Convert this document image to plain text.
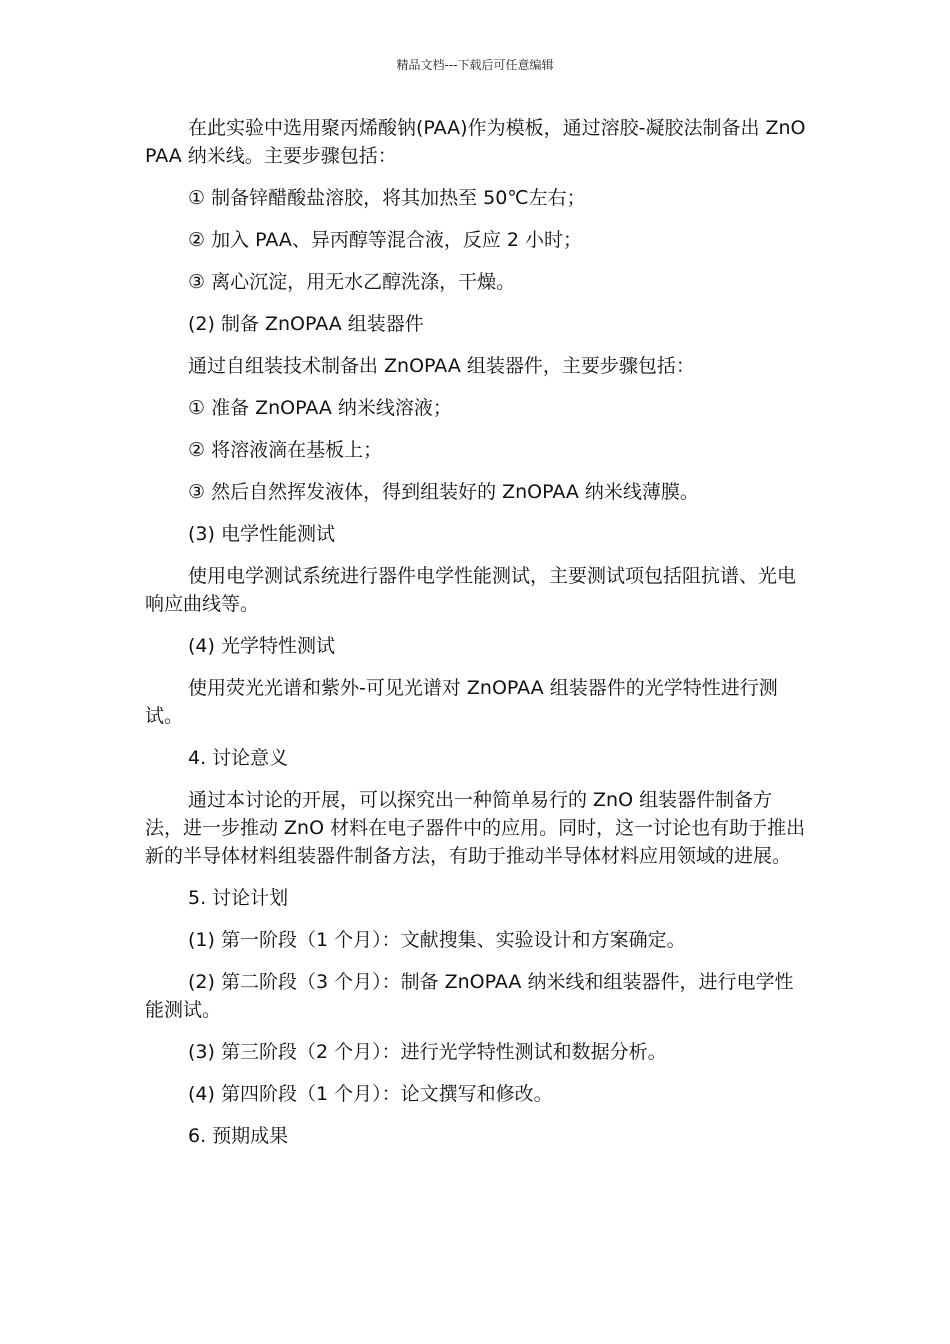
精品文档---下载后可任意编辑

在此实验中选用聚丙烯酸钠(PAA)作为模板，通过溶胶-凝胶法制备出 ZnOPAA 纳米线。主要步骤包括：

① 制备锌醋酸盐溶胶，将其加热至 50℃左右；

② 加入 PAA、异丙醇等混合液，反应 2 小时；

③ 离心沉淀，用无水乙醇洗涤，干燥。

(2) 制备 ZnOPAA 组装器件

通过自组装技术制备出 ZnOPAA 组装器件，主要步骤包括：

① 准备 ZnOPAA 纳米线溶液；

② 将溶液滴在基板上；

③ 然后自然挥发液体，得到组装好的 ZnOPAA 纳米线薄膜。

(3) 电学性能测试

使用电学测试系统进行器件电学性能测试，主要测试项包括阻抗谱、光电响应曲线等。

(4) 光学特性测试

使用荧光光谱和紫外-可见光谱对 ZnOPAA 组装器件的光学特性进行测试。

4. 讨论意义

通过本讨论的开展，可以探究出一种简单易行的 ZnO 组装器件制备方法，进一步推动 ZnO 材料在电子器件中的应用。同时，这一讨论也有助于推出新的半导体材料组装器件制备方法，有助于推动半导体材料应用领域的进展。

5. 讨论计划

(1) 第一阶段（1 个月）：文献搜集、实验设计和方案确定。

(2) 第二阶段（3 个月）：制备 ZnOPAA 纳米线和组装器件，进行电学性能测试。

(3) 第三阶段（2 个月）：进行光学特性测试和数据分析。

(4) 第四阶段（1 个月）：论文撰写和修改。

6. 预期成果
